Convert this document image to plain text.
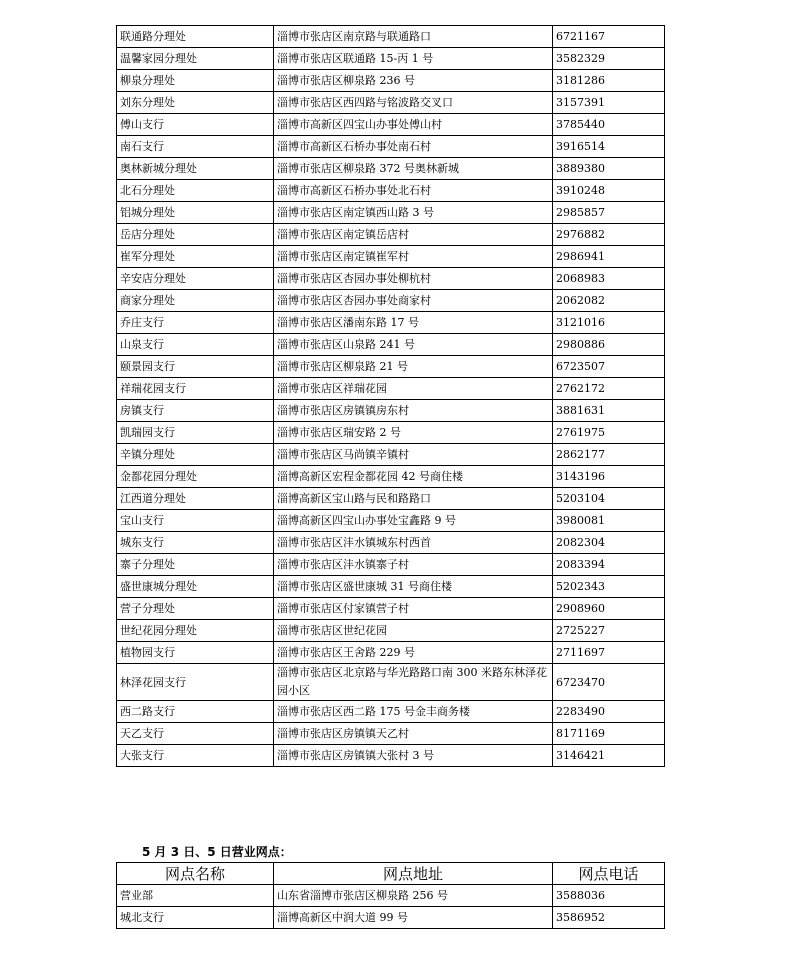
联通路分理处	淄博市张店区南京路与联通路口	6721167
温馨家园分理处	淄博市张店区联通路 15-丙 1 号	3582329
柳泉分理处	淄博市张店区柳泉路 236 号	3181286
刘东分理处	淄博市张店区西四路与铭波路交叉口	3157391
傅山支行	淄博市高新区四宝山办事处傅山村	3785440
南石支行	淄博市高新区石桥办事处南石村	3916514
奥林新城分理处	淄博市张店区柳泉路 372 号奥林新城	3889380
北石分理处	淄博市高新区石桥办事处北石村	3910248
铝城分理处	淄博市张店区南定镇西山路 3 号	2985857
岳店分理处	淄博市张店区南定镇岳店村	2976882
崔军分理处	淄博市张店区南定镇崔军村	2986941
辛安店分理处	淄博市张店区杏园办事处柳杭村	2068983
商家分理处	淄博市张店区杏园办事处商家村	2062082
乔庄支行	淄博市张店区潘南东路 17 号	3121016
山泉支行	淄博市张店区山泉路 241 号	2980886
颐景园支行	淄博市张店区柳泉路 21 号	6723507
祥瑞花园支行	淄博市张店区祥瑞花园	2762172
房镇支行	淄博市张店区房镇镇房东村	3881631
凯瑞园支行	淄博市张店区瑞安路 2 号	2761975
辛镇分理处	淄博市张店区马尚镇辛镇村	2862177
金都花园分理处	淄博高新区宏程金都花园 42 号商住楼	3143196
江西道分理处	淄博高新区宝山路与民和路路口	5203104
宝山支行	淄博高新区四宝山办事处宝鑫路 9 号	3980081
城东支行	淄博市张店区沣水镇城东村西首	2082304
寨子分理处	淄博市张店区沣水镇寨子村	2083394
盛世康城分理处	淄博市张店区盛世康城 31 号商住楼	5202343
营子分理处	淄博市张店区付家镇营子村	2908960
世纪花园分理处	淄博市张店区世纪花园	2725227
植物园支行	淄博市张店区王舍路 229 号	2711697
林泽花园支行	淄博市张店区北京路与华光路路口南 300 米路东林泽花园小区	6723470
西二路支行	淄博市张店区西二路 175 号金丰商务楼	2283490
天乙支行	淄博市张店区房镇镇天乙村	8171169
大张支行	淄博市张店区房镇镇大张村 3 号	3146421
5 月 3 日、5 日营业网点：
网点名称	网点地址	网点电话
营业部	山东省淄博市张店区柳泉路 256 号	3588036
城北支行	淄博高新区中润大道 99 号	3586952
